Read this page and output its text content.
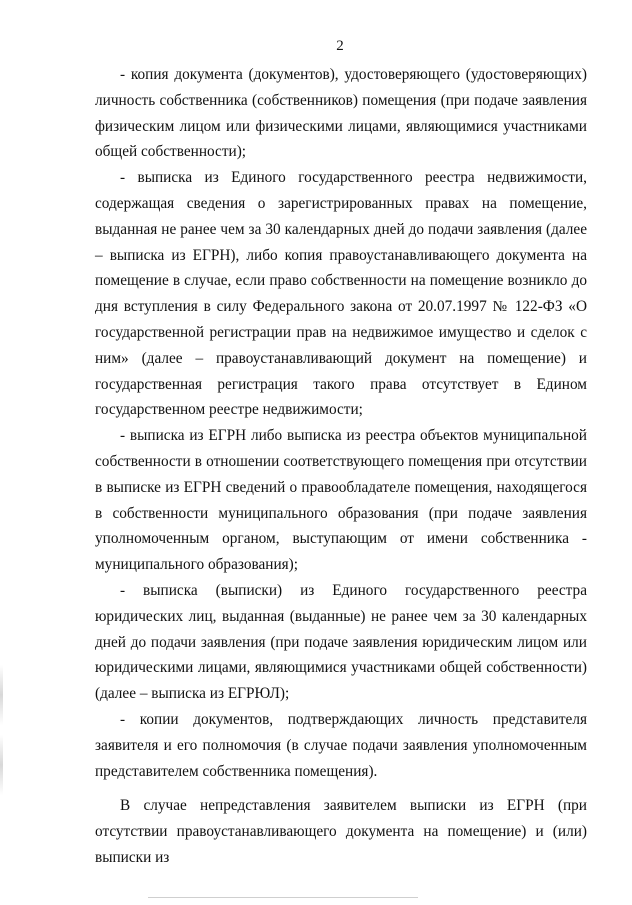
2

- копия документа (документов), удостоверяющего (удостоверяющих) личность собственника (собственников) помещения (при подаче заявления физическим лицом или физическими лицами, являющимися участниками общей собственности);

- выписка из Единого государственного реестра недвижимости, содержащая сведения о зарегистрированных правах на помещение, выданная не ранее чем за 30 календарных дней до подачи заявления (далее – выписка из ЕГРН), либо копия правоустанавливающего документа на помещение в случае, если право собственности на помещение возникло до дня вступления в силу Федерального закона от 20.07.1997 № 122-ФЗ «О государственной регистрации прав на недвижимое имущество и сделок с ним» (далее – правоустанавливающий документ на помещение) и государственная регистрация такого права отсутствует в Едином государственном реестре недвижимости;

- выписка из ЕГРН либо выписка из реестра объектов муниципальной собственности в отношении соответствующего помещения при отсутствии в выписке из ЕГРН сведений о правообладателе помещения, находящегося в собственности муниципального образования (при подаче заявления уполномоченным органом, выступающим от имени собственника - муниципального образования);

- выписка (выписки) из Единого государственного реестра юридических лиц, выданная (выданные) не ранее чем за 30 календарных дней до подачи заявления (при подаче заявления юридическим лицом или юридическими лицами, являющимися участниками общей собственности) (далее – выписка из ЕГРЮЛ);

- копии документов, подтверждающих личность представителя заявителя и его полномочия (в случае подачи заявления уполномоченным представителем собственника помещения).

В случае непредставления заявителем выписки из ЕГРН (при отсутствии правоустанавливающего документа на помещение) и (или) выписки из
